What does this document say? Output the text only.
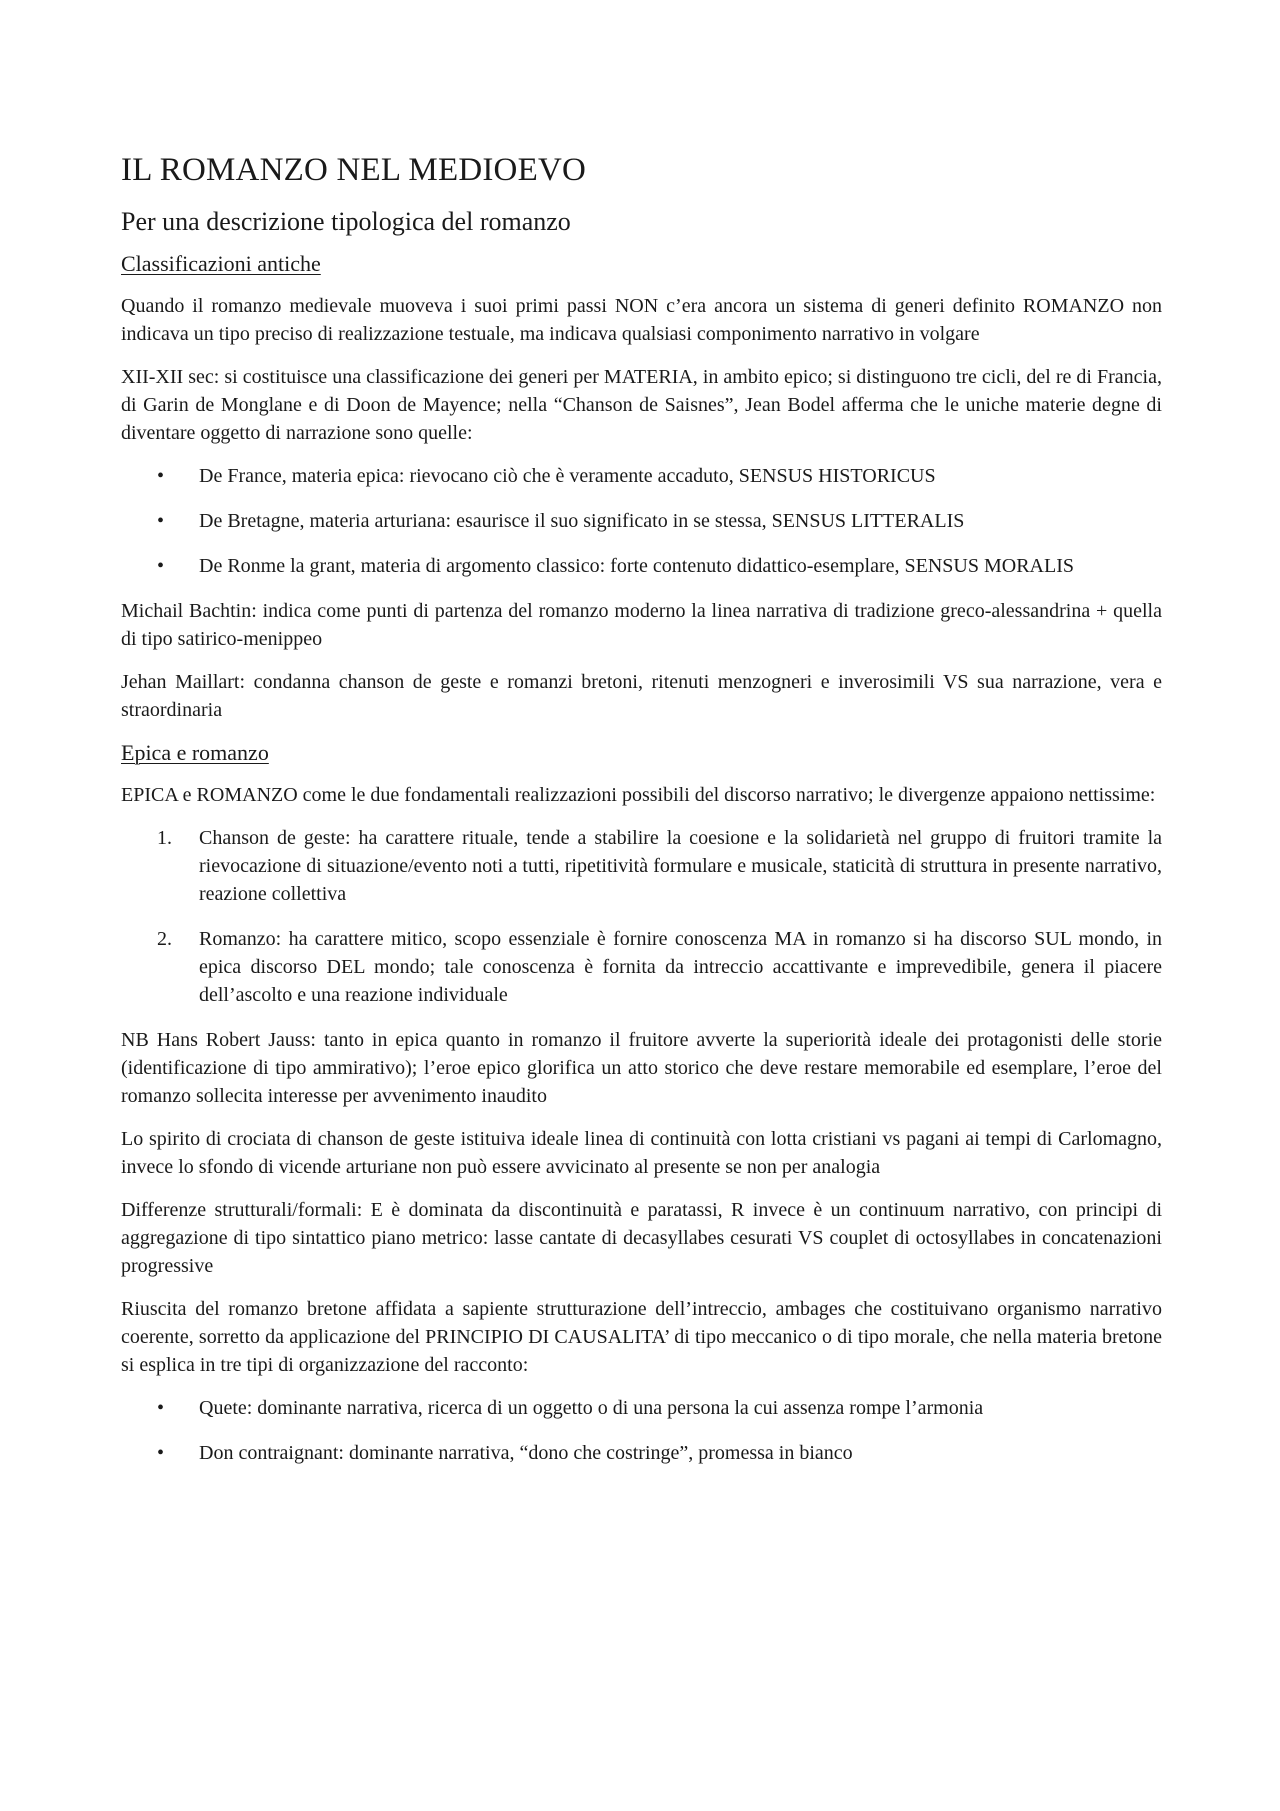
IL ROMANZO NEL MEDIOEVO
Per una descrizione tipologica del romanzo
Classificazioni antiche

Quando il romanzo medievale muoveva i suoi primi passi NON c’era ancora un sistema di generi definito ROMANZO non indicava un tipo preciso di realizzazione testuale, ma indicava qualsiasi componimento narrativo in volgare

XII-XII sec: si costituisce una classificazione dei generi per MATERIA, in ambito epico; si distinguono tre cicli, del re di Francia, di Garin de Monglane e di Doon de Mayence; nella “Chanson de Saisnes”, Jean Bodel afferma che le uniche materie degne di diventare oggetto di narrazione sono quelle:

•	De France, materia epica: rievocano ciò che è veramente accaduto, SENSUS HISTORICUS
•	De Bretagne, materia arturiana: esaurisce il suo significato in se stessa, SENSUS LITTERALIS
•	De Ronme la grant, materia di argomento classico: forte contenuto didattico-esemplare, SENSUS MORALIS

Michail Bachtin: indica come punti di partenza del romanzo moderno la linea narrativa di tradizione greco-alessandrina + quella di tipo satirico-menippeo

Jehan Maillart: condanna chanson de geste e romanzi bretoni, ritenuti menzogneri e inverosimili VS sua narrazione, vera e straordinaria

Epica e romanzo

EPICA e ROMANZO come le due fondamentali realizzazioni possibili del discorso narrativo; le divergenze appaiono nettissime:

1.	Chanson de geste: ha carattere rituale, tende a stabilire la coesione e la solidarietà nel gruppo di fruitori tramite la rievocazione di situazione/evento noti a tutti, ripetitività formulare e musicale, staticità di struttura in presente narrativo, reazione collettiva
2.	Romanzo: ha carattere mitico, scopo essenziale è fornire conoscenza MA in romanzo si ha discorso SUL mondo, in epica discorso DEL mondo; tale conoscenza è fornita da intreccio accattivante e imprevedibile, genera il piacere dell’ascolto e una reazione individuale

NB Hans Robert Jauss: tanto in epica quanto in romanzo il fruitore avverte la superiorità ideale dei protagonisti delle storie (identificazione di tipo ammirativo); l’eroe epico glorifica un atto storico che deve restare memorabile ed esemplare, l’eroe del romanzo sollecita interesse per avvenimento inaudito

Lo spirito di crociata di chanson de geste istituiva ideale linea di continuità con lotta cristiani vs pagani ai tempi di Carlomagno, invece lo sfondo di vicende arturiane non può essere avvicinato al presente se non per analogia

Differenze strutturali/formali: E è dominata da discontinuità e paratassi, R invece è un continuum narrativo, con principi di aggregazione di tipo sintattico piano metrico: lasse cantate di decasyllabes cesurati VS couplet di octosyllabes in concatenazioni progressive

Riuscita del romanzo bretone affidata a sapiente strutturazione dell’intreccio, ambages che costituivano organismo narrativo coerente, sorretto da applicazione del PRINCIPIO DI CAUSALITA’ di tipo meccanico o di tipo morale, che nella materia bretone si esplica in tre tipi di organizzazione del racconto:

•	Quete: dominante narrativa, ricerca di un oggetto o di una persona la cui assenza rompe l’armonia
•	Don contraignant: dominante narrativa, “dono che costringe”, promessa in bianco
